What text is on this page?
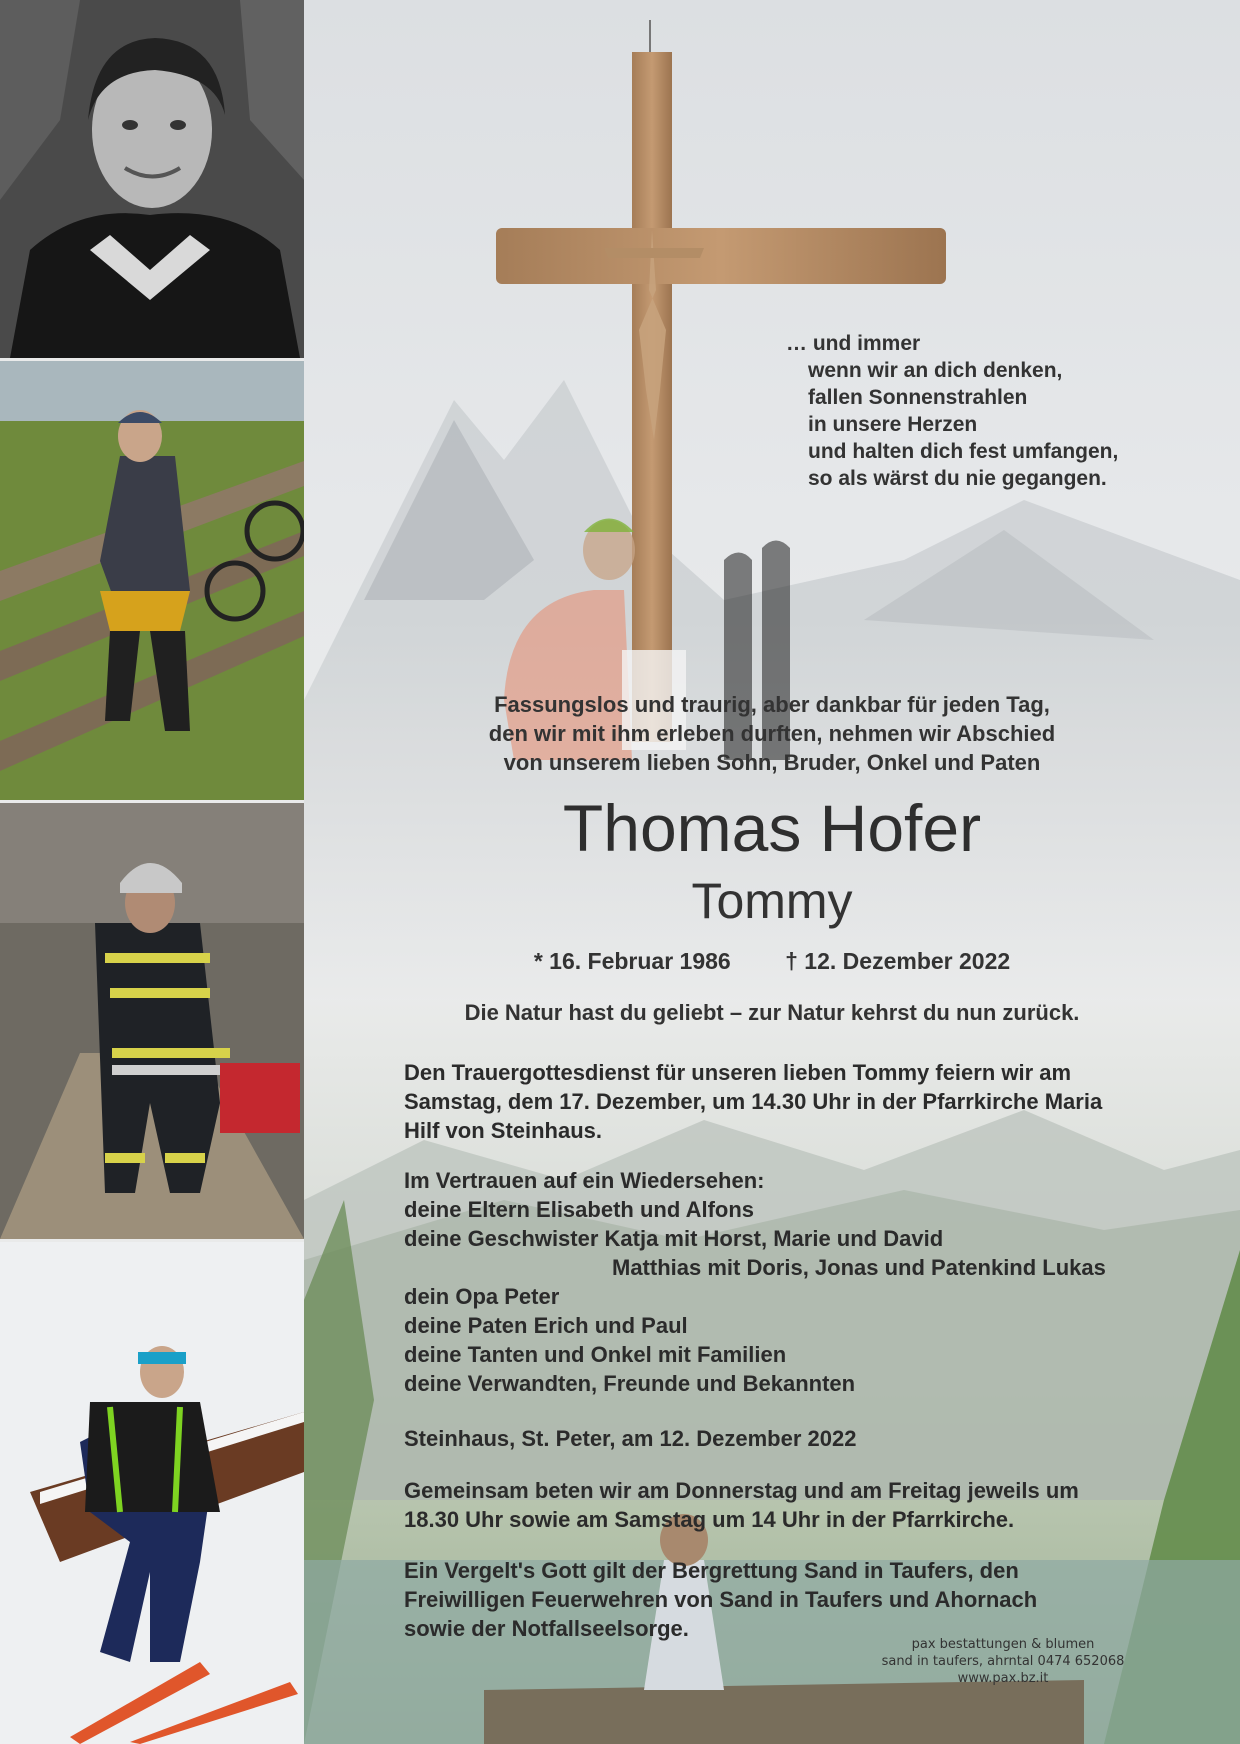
… und immer
wenn wir an dich denken,
fallen Sonnenstrahlen
in unsere Herzen
und halten dich fest umfangen,
so als wärst du nie gegangen.
Fassungslos und traurig, aber dankbar für jeden Tag,
den wir mit ihm erleben durften, nehmen wir Abschied
von unserem lieben Sohn, Bruder, Onkel und Paten
Thomas Hofer
Tommy
* 16. Februar 1986 † 12. Dezember 2022
Die Natur hast du geliebt – zur Natur kehrst du nun zurück.
Den Trauergottesdienst für unseren lieben Tommy feiern wir am
Samstag, dem 17. Dezember, um 14.30 Uhr in der Pfarrkirche Maria
Hilf von Steinhaus.
Im Vertrauen auf ein Wiedersehen:
deine Eltern Elisabeth und Alfons
deine Geschwister Katja mit Horst, Marie und David
Matthias mit Doris, Jonas und Patenkind Lukas
dein Opa Peter
deine Paten Erich und Paul
deine Tanten und Onkel mit Familien
deine Verwandten, Freunde und Bekannten
Steinhaus, St. Peter, am 12. Dezember 2022
Gemeinsam beten wir am Donnerstag und am Freitag jeweils um
18.30 Uhr sowie am Samstag um 14 Uhr in der Pfarrkirche.
Ein Vergelt's Gott gilt der Bergrettung Sand in Taufers, den
Freiwilligen Feuerwehren von Sand in Taufers und Ahornach
sowie der Notfallseelsorge.
pax bestattungen & blumen
sand in taufers, ahrntal 0474 652068
www.pax.bz.it
